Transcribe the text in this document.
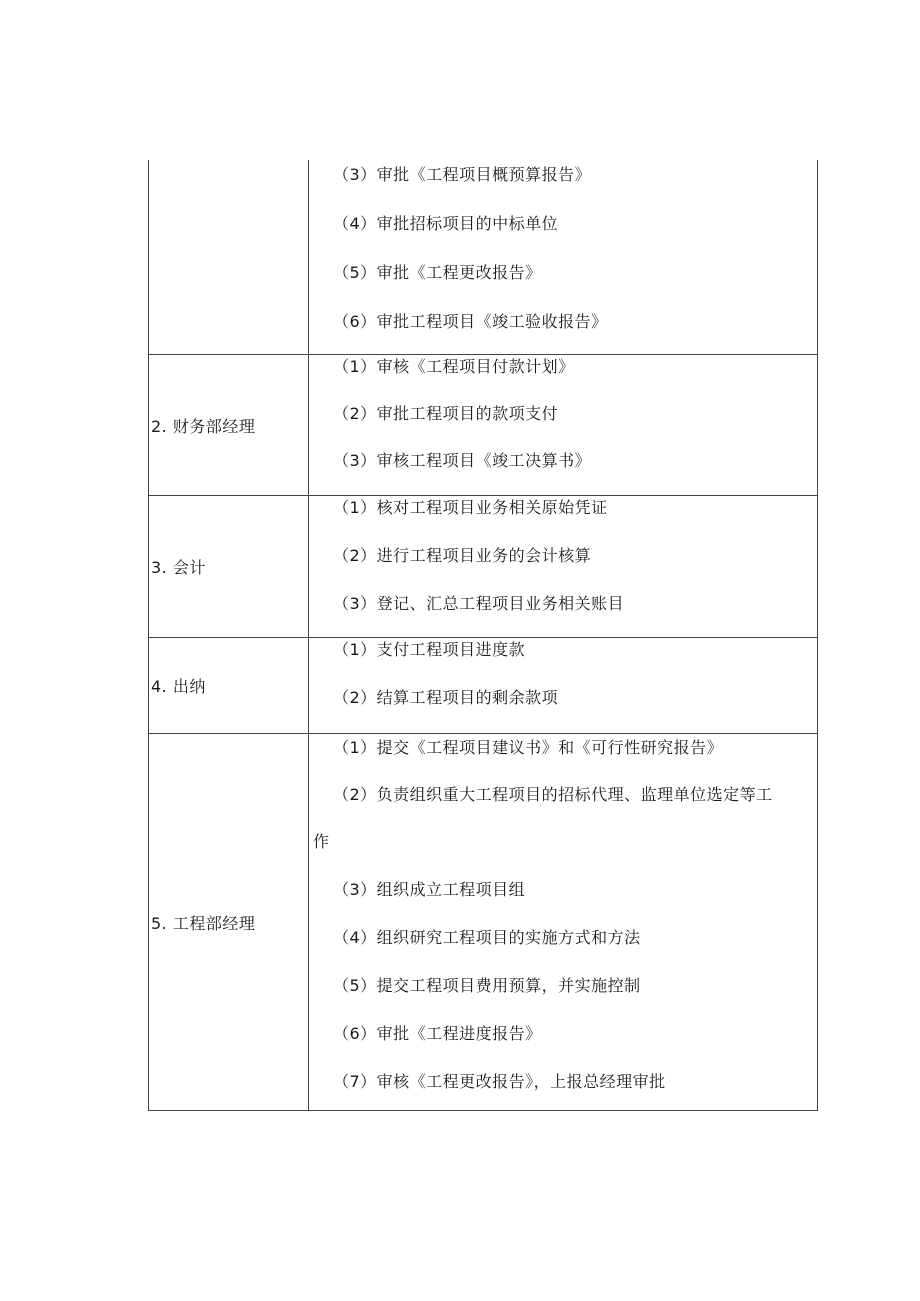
（3）审批《工程项目概预算报告》
（4）审批招标项目的中标单位
（5）审批《工程更改报告》
（6）审批工程项目《竣工验收报告》
2. 财务部经理
（1）审核《工程项目付款计划》
（2）审批工程项目的款项支付
（3）审核工程项目《竣工决算书》
3. 会计
（1）核对工程项目业务相关原始凭证
（2）进行工程项目业务的会计核算
（3）登记、汇总工程项目业务相关账目
4. 出纳
（1）支付工程项目进度款
（2）结算工程项目的剩余款项
5. 工程部经理
（1）提交《工程项目建议书》和《可行性研究报告》
（2）负责组织重大工程项目的招标代理、监理单位选定等工
作
（3）组织成立工程项目组
（4）组织研究工程项目的实施方式和方法
（5）提交工程项目费用预算，并实施控制
（6）审批《工程进度报告》
（7）审核《工程更改报告》，上报总经理审批
